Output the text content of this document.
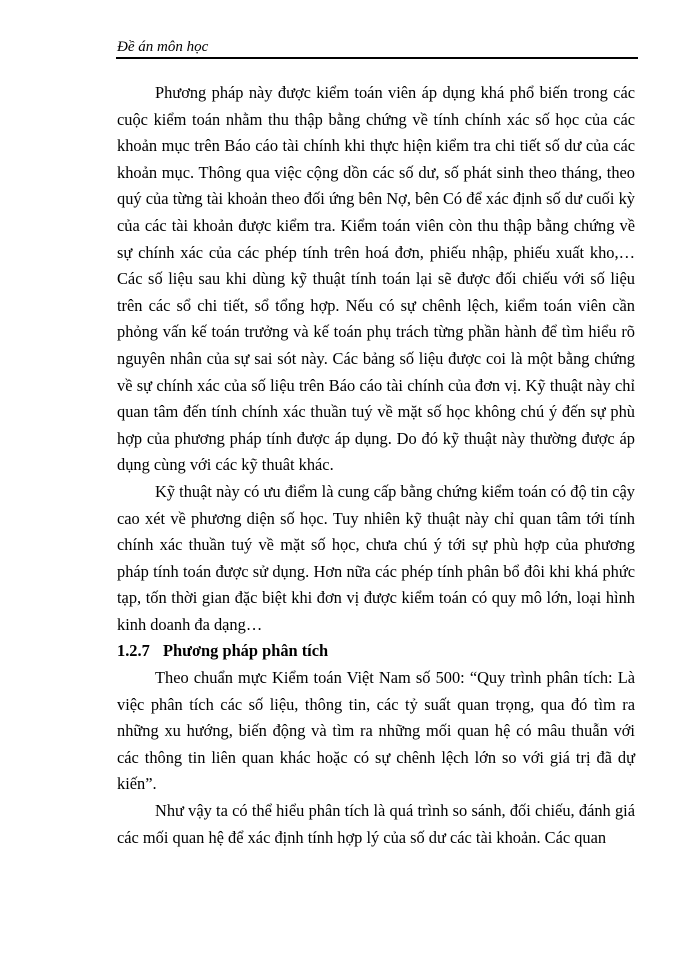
Đề án môn học

Phương pháp này được kiểm toán viên áp dụng khá phổ biến trong các cuộc kiểm toán nhằm thu thập bằng chứng về tính chính xác số học của các khoản mục trên Báo cáo tài chính khi thực hiện kiểm tra chi tiết số dư của các khoản mục. Thông qua việc cộng dồn các số dư, số phát sinh theo tháng, theo quý của từng tài khoản theo đối ứng bên Nợ, bên Có để xác định số dư cuối kỳ của các tài khoản được kiểm tra. Kiểm toán viên còn thu thập bằng chứng về sự chính xác của các phép tính trên hoá đơn, phiếu nhập, phiếu xuất kho,… Các số liệu sau khi dùng kỹ thuật tính toán lại sẽ được đối chiếu với số liệu trên các sổ chi tiết, sổ tổng hợp. Nếu có sự chênh lệch, kiểm toán viên cần phỏng vấn kế toán trưởng và kế toán phụ trách từng phần hành để tìm hiểu rõ nguyên nhân của sự sai sót này. Các bảng số liệu được coi là một bằng chứng về sự chính xác của số liệu trên Báo cáo tài chính của đơn vị. Kỹ thuật này chỉ quan tâm đến tính chính xác thuần tuý về mặt số học không chú ý đến sự phù hợp của phương pháp tính được áp dụng. Do đó kỹ thuật này thường được áp dụng cùng với các kỹ thuât khác.

Kỹ thuật này có ưu điểm là cung cấp bằng chứng kiểm toán có độ tin cậy cao xét về phương diện số học. Tuy nhiên kỹ thuật này chỉ quan tâm tới tính chính xác thuần tuý về mặt số học, chưa chú ý tới sự phù hợp của phương pháp tính toán được sử dụng. Hơn nữa các phép tính phân bổ đôi khi khá phức tạp, tốn thời gian đặc biệt khi đơn vị được kiểm toán có quy mô lớn, loại hình kinh doanh đa dạng…

1.2.7 Phương pháp phân tích

Theo chuẩn mực Kiểm toán Việt Nam số 500: “Quy trình phân tích: Là việc phân tích các số liệu, thông tin, các tỷ suất quan trọng, qua đó tìm ra những xu hướng, biến động và tìm ra những mối quan hệ có mâu thuẫn với các thông tin liên quan khác hoặc có sự chênh lệch lớn so với giá trị đã dự kiến”.

Như vậy ta có thể hiểu phân tích là quá trình so sánh, đối chiếu, đánh giá các mối quan hệ để xác định tính hợp lý của số dư các tài khoản. Các quan
